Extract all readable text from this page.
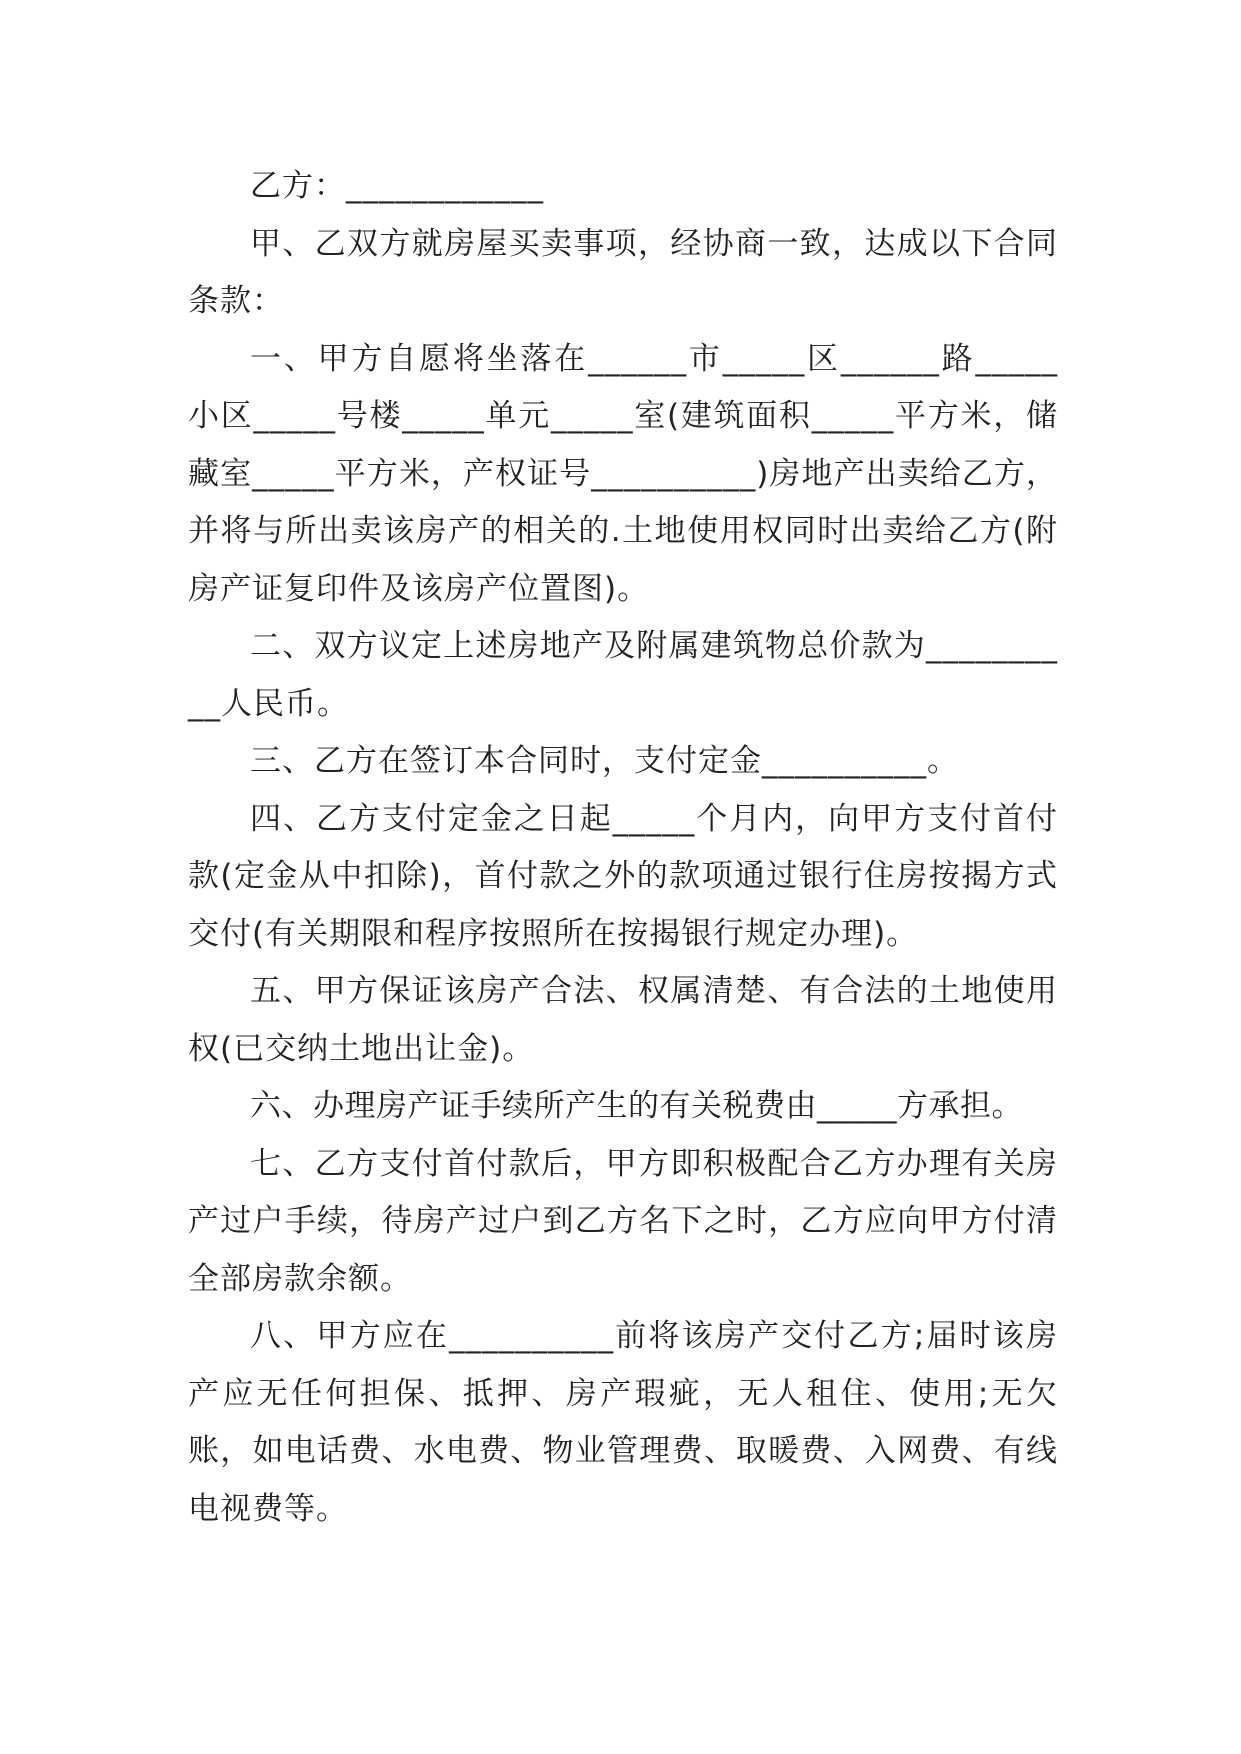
乙方：____________

甲、乙双方就房屋买卖事项，经协商一致，达成以下合同条款：

一、甲方自愿将坐落在______市_____区______路_____小区_____号楼_____单元_____室(建筑面积_____平方米，储藏室_____平方米，产权证号__________)房地产出卖给乙方，并将与所出卖该房产的相关的.土地使用权同时出卖给乙方(附房产证复印件及该房产位置图)。

二、双方议定上述房地产及附属建筑物总价款为__________人民币。

三、乙方在签订本合同时，支付定金__________。

四、乙方支付定金之日起_____个月内，向甲方支付首付款(定金从中扣除)，首付款之外的款项通过银行住房按揭方式交付(有关期限和程序按照所在按揭银行规定办理)。

五、甲方保证该房产合法、权属清楚、有合法的土地使用权(已交纳土地出让金)。

六、办理房产证手续所产生的有关税费由_____方承担。

七、乙方支付首付款后，甲方即积极配合乙方办理有关房产过户手续，待房产过户到乙方名下之时，乙方应向甲方付清全部房款余额。

八、甲方应在__________前将该房产交付乙方;届时该房产应无任何担保、抵押、房产瑕疵，无人租住、使用;无欠账，如电话费、水电费、物业管理费、取暖费、入网费、有线电视费等。
